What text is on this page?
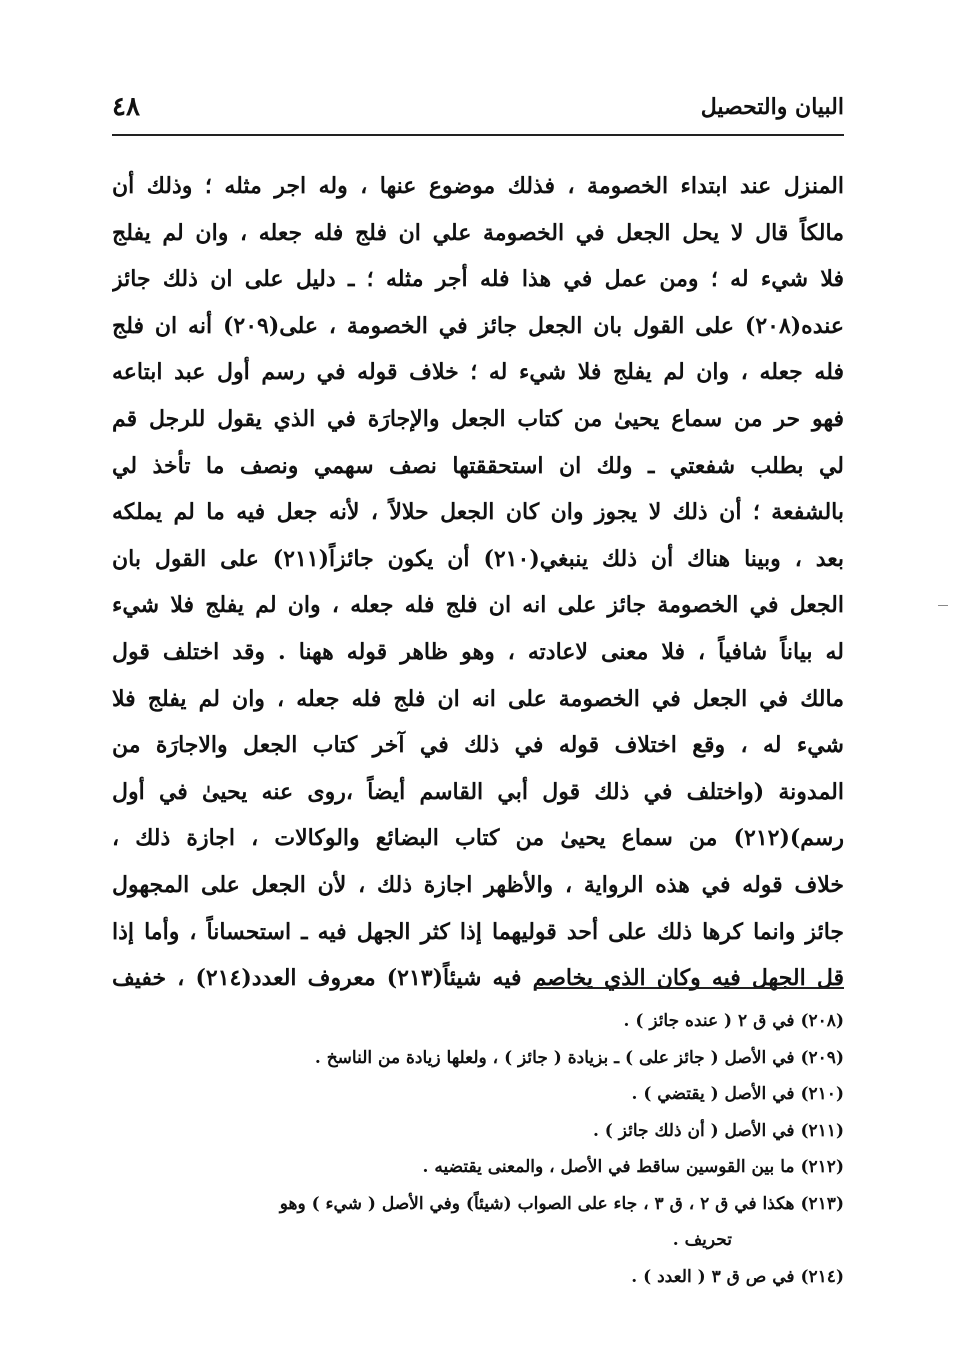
البيان والتحصيل
٤٨
المنزل عند ابتداء الخصومة ، فذلك موضوع عنها ، وله اجر مثله ؛ وذلك أن
مالكاً قال لا يحل الجعل في الخصومة علي ان فلج فله جعله ، وان لم يفلج
فلا شيء له ؛ ومن عمل في هذا فله أجر مثله ؛ ـ دليل على ان ذلك جائز
عنده(٢٠٨) على القول بان الجعل جائز في الخصومة ، على(٢٠٩) أنه ان فلج
فله جعله ، وان لم يفلج فلا شيء له ؛ خلاف قوله في رسم أول عبد ابتاعه
فهو حر من سماع يحيىٰ من كتاب الجعل والإجارَة في الذي يقول للرجل قم
لي بطلب شفعتي ـ ولك ان استحققتها نصف سهمي ونصف ما تأخذ لي
بالشفعة ؛ أن ذلك لا يجوز وان كان الجعل حلالاً ، لأنه جعل فيه ما لم يملكه
بعد ، وبينا هناك أن ذلك ينبغي(٢١٠) أن يكون جائزاً(٢١١) على القول بان
الجعل في الخصومة جائز على انه ان فلج فله جعله ، وان لم يفلج فلا شيء
له بياناً شافياً ، فلا معنى لاعادته ، وهو ظاهر قوله ههنا . وقد اختلف قول
مالك في الجعل في الخصومة على انه ان فلج فله جعله ، وان لم يفلج فلا
شيء له ، وقع اختلاف قوله في ذلك في آخر كتاب الجعل والاجارَة من
المدونة (واختلف في ذلك قول أبي القاسم أيضاً ،روى عنه يحيىٰ في أول
رسم)(٢١٢) من سماع يحيىٰ من كتاب البضائع والوكالات ، اجازة ذلك ،
خلاف قوله في هذه الرواية ، والأظهر اجازة ذلك ، لأن الجعل على المجهول
جائز وانما كرها ذلك على أحد قوليهما إذا كثر الجهل فيه ـ استحساناً ، وأما إذا
قل الجهل فيه وكان الذي يخاصم فيه شيئاً(٢١٣) معروف العدد(٢١٤) ، خفيف
(٢٠٨)في ق ٢ ( عنده جائز ) .
(٢٠٩)في الأصل ( جائز على ) ـ بزيادة ( جائز ) ، ولعلها زيادة من الناسخ .
(٢١٠)في الأصل ( يقتضي ) .
(٢١١)في الأصل ( أن ذلك جائز ) .
(٢١٢)ما بين القوسين ساقط في الأصل ، والمعنى يقتضيه .
(٢١٣)هكذا في ق ٢ ، ق ٣ ، جاء على الصواب (شيئاً) وفي الأصل ( شيء ) وهو
تحريف .
(٢١٤)في ص ق ٣ ( العدد ) .
